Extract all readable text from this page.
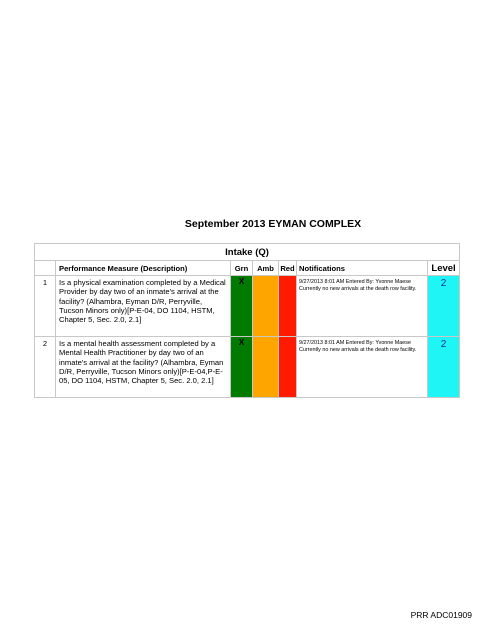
September 2013 EYMAN COMPLEX
Intake (Q)						
	Performance Measure (Description)	Grn	Amb	Red	Notifications	Level
1	Is a physical examination completed by a Medical Provider by day two of an inmate's arrival at the facility? (Alhambra, Eyman D/R, Perryville, Tucson Minors only)[P-E-04, DO 1104, HSTM, Chapter 5, Sec. 2.0, 2.1]	X			9/27/2013 8:01 AM Entered By: Yvonne Maese
Currently no new arrivals at the death row facility.	2
2	Is a mental health assessment completed by a Mental Health Practitioner by day two of an inmate's arrival at the facility? (Alhambra, Eyman D/R, Perryville, Tucson Minors only)[P-E-04,P-E-05, DO 1104, HSTM, Chapter 5, Sec. 2.0, 2.1]	X			9/27/2013 8:01 AM Entered By: Yvonne Maese
Currently no new arrivals at the death row facility.	2
PRR ADC01909
